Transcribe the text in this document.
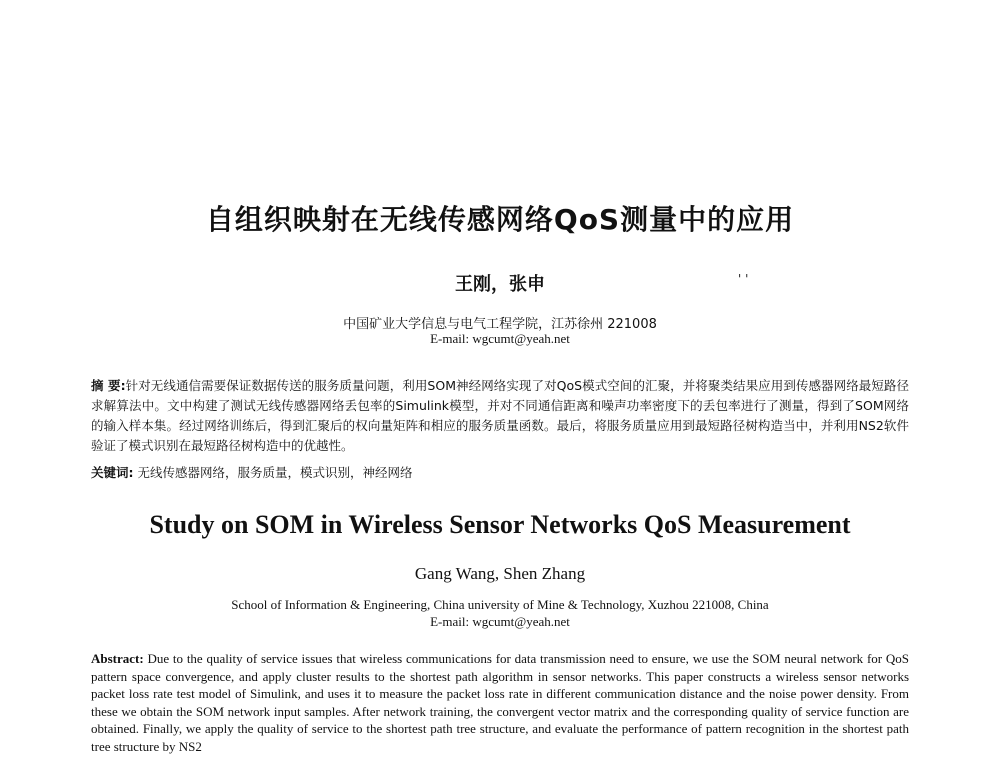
自组织映射在无线传感网络QoS测量中的应用
王刚，张申	' '
中国矿业大学信息与电气工程学院，江苏徐州 221008
E-mail: wgcumt@yeah.net
摘 要:针对无线通信需要保证数据传送的服务质量问题，利用SOM神经网络实现了对QoS模式空间的汇聚，并将聚类结果应用到传感器网络最短路径求解算法中。文中构建了测试无线传感器网络丢包率的Simulink模型，并对不同通信距离和噪声功率密度下的丢包率进行了测量，得到了SOM网络的输入样本集。经过网络训练后，得到汇聚后的权向量矩阵和相应的服务质量函数。最后，将服务质量应用到最短路径树构造当中，并利用NS2软件验证了模式识别在最短路径树构造中的优越性。
关键词: 无线传感器网络，服务质量，模式识别，神经网络
Study on SOM in Wireless Sensor Networks QoS Measurement
Gang Wang, Shen Zhang
School of Information & Engineering, China university of Mine & Technology, Xuzhou 221008, China
E-mail: wgcumt@yeah.net
Abstract: Due to the quality of service issues that wireless communications for data transmission need to ensure, we use the SOM neural network for QoS pattern space convergence, and apply cluster results to the shortest path algorithm in sensor networks. This paper constructs a wireless sensor networks packet loss rate test model of Simulink, and uses it to measure the packet loss rate in different communication distance and the noise power density. From these we obtain the SOM network input samples. After network training, the convergent vector matrix and the corresponding quality of service function are obtained. Finally, we apply the quality of service to the shortest path tree structure, and evaluate the performance of pattern recognition in the shortest path tree structure by NS2
